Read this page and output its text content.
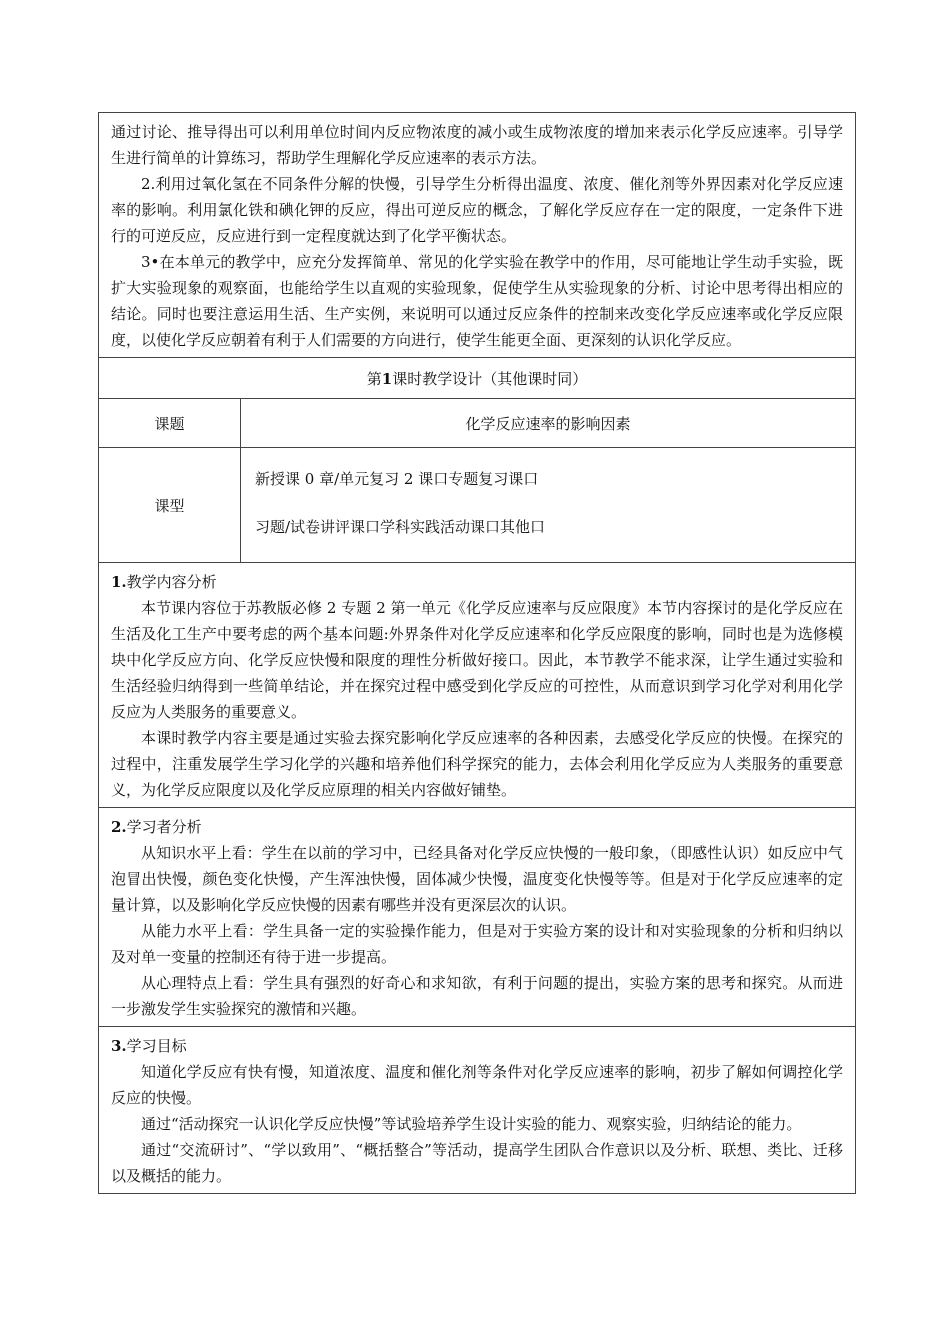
通过讨论、推导得出可以利用单位时间内反应物浓度的减小或生成物浓度的增加来表示化学反应速率。引导学生进行简单的计算练习，帮助学生理解化学反应速率的表示方法。

2.利用过氧化氢在不同条件分解的快慢，引导学生分析得出温度、浓度、催化剂等外界因素对化学反应速率的影响。利用氯化铁和碘化钾的反应，得出可逆反应的概念，了解化学反应存在一定的限度，一定条件下进行的可逆反应，反应进行到一定程度就达到了化学平衡状态。

3•在本单元的教学中，应充分发挥简单、常见的化学实验在教学中的作用，尽可能地让学生动手实验，既扩大实验现象的观察面，也能给学生以直观的实验现象，促使学生从实验现象的分析、讨论中思考得出相应的结论。同时也要注意运用生活、生产实例，来说明可以通过反应条件的控制来改变化学反应速率或化学反应限度，以使化学反应朝着有利于人们需要的方向进行，使学生能更全面、更深刻的认识化学反应。	

第1课时教学设计（其他课时同）	
课题	化学反应速率的影响因素
课型	新授课 0 章/单元复习 2 课口专题复习课口

习题/试卷讲评课口学科实践活动课口其他口

1.教学内容分析

本节课内容位于苏教版必修 2 专题 2 第一单元《化学反应速率与反应限度》本节内容探讨的是化学反应在生活及化工生产中要考虑的两个基本问题:外界条件对化学反应速率和化学反应限度的影响，同时也是为选修模块中化学反应方向、化学反应快慢和限度的理性分析做好接口。因此，本节教学不能求深，让学生通过实验和生活经验归纳得到一些简单结论，并在探究过程中感受到化学反应的可控性，从而意识到学习化学对利用化学反应为人类服务的重要意义。

本课时教学内容主要是通过实验去探究影响化学反应速率的各种因素，去感受化学反应的快慢。在探究的过程中，注重发展学生学习化学的兴趣和培养他们科学探究的能力，去体会利用化学反应为人类服务的重要意义，为化学反应限度以及化学反应原理的相关内容做好铺垫。	

2.学习者分析

从知识水平上看：学生在以前的学习中，已经具备对化学反应快慢的一般印象，（即感性认识）如反应中气泡冒出快慢，颜色变化快慢，产生浑浊快慢，固体减少快慢，温度变化快慢等等。但是对于化学反应速率的定量计算，以及影响化学反应快慢的因素有哪些并没有更深层次的认识。

从能力水平上看：学生具备一定的实验操作能力，但是对于实验方案的设计和对实验现象的分析和归纳以及对单一变量的控制还有待于进一步提高。

从心理特点上看：学生具有强烈的好奇心和求知欲，有利于问题的提出，实验方案的思考和探究。从而进一步激发学生实验探究的激情和兴趣。	

3.学习目标

知道化学反应有快有慢，知道浓度、温度和催化剂等条件对化学反应速率的影响，初步了解如何调控化学反应的快慢。

通过“活动探究一认识化学反应快慢”等试验培养学生设计实验的能力、观察实验，归纳结论的能力。

通过“交流研讨”、“学以致用”、“概括整合”等活动，提高学生团队合作意识以及分析、联想、类比、迁移以及概括的能力。	
